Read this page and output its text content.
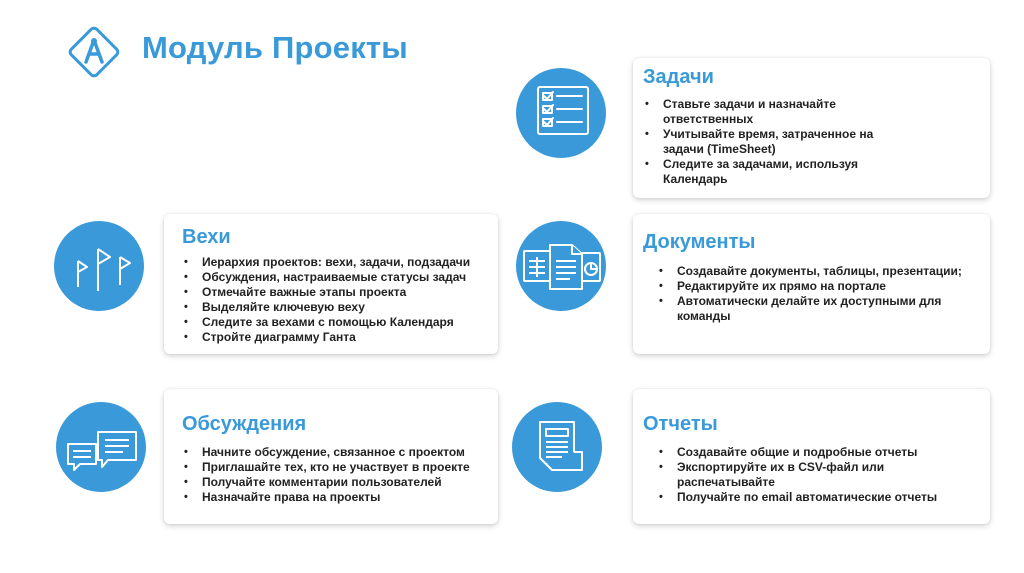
Модуль Проекты
Задачи
• Ставьте задачи и назначайте ответственных
• Учитывайте время, затраченное на задачи (TimeSheet)
• Следите за задачами, используя Календарь
Вехи
• Иерархия проектов: вехи, задачи, подзадачи
• Обсуждения, настраиваемые статусы задач
• Отмечайте важные этапы проекта
• Выделяйте ключевую веху
• Следите за вехами с помощью Календаря
• Стройте диаграмму Ганта
Документы
• Создавайте документы, таблицы, презентации;
• Редактируйте их прямо на портале
• Автоматически делайте их доступными для команды
Обсуждения
• Начните обсуждение, связанное с проектом
• Приглашайте тех, кто не участвует в проекте
• Получайте комментарии пользователей
• Назначайте права на проекты
Отчеты
• Создавайте общие и подробные отчеты
• Экспортируйте их в CSV-файл или распечатывайте
• Получайте по email автоматические отчеты
